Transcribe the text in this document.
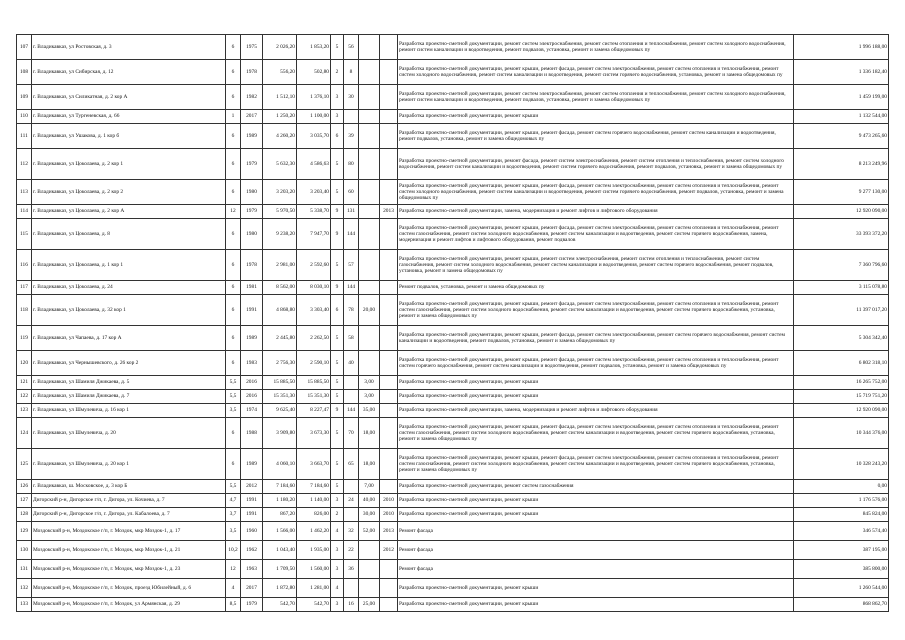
107	г. Владикавказ, ул Ростовская, д. 3	6	1975	2 026,20	1 853,20	5	56			Разработка проектно-сметной документации, ремонт систем электроснабжения, ремонт систем отопления и теплоснабжения, ремонт систем холодного водоснабжения, ремонт систем канализации и водоотведения, ремонт подвалов, установка, ремонт и замена общедомовых пу	1 996 188,00
108	г. Владикавказ, ул Сибирская, д. 12	6	1978	556,20	502,80	2	8			Разработка проектно-сметной документации, ремонт крыши, ремонт фасада, ремонт систем электроснабжения, ремонт систем отопления и теплоснабжения, ремонт систем холодного водоснабжения, ремонт систем канализации и водоотведения, ремонт систем горячего водоснабжения, установка, ремонт и замена общедомовых пу	1 336 182,40
109	г. Владикавказ, ул Силикатная, д. 2 кор А	6	1982	1 512,10	1 376,10	3	30			Разработка проектно-сметной документации, ремонт систем электроснабжения, ремонт систем отопления и теплоснабжения, ремонт систем холодного водоснабжения, ремонт систем канализации и водоотведения, ремонт подвалов, установка, ремонт и замена общедомовых пу	1 459 199,00
110	г. Владикавказ, ул Тургеневская, д. 66	1	2017	1 250,20	1 100,00	3				Разработка проектно-сметной документации, ремонт крыши	1 132 544,00
111	г. Владикавказ, ул Ушакова, д. 1 кор б	6	1989	4 260,20	3 035,70	6	39			Разработка проектно-сметной документации, ремонт крыши, ремонт фасада, ремонт систем горячего водоснабжения, ремонт систем канализации и водоотведения, ремонт подвалов, установка, ремонт и замена общедомовых пу	9 473 265,60
112	г. Владикавказ, ул Цоколаева, д. 2 кор 1	6	1979	5 632,30	4 586,63	5	80			Разработка проектно-сметной документации, ремонт фасада, ремонт систем электроснабжения, ремонт систем отопления и теплоснабжения, ремонт систем холодного водоснабжения, ремонт систем канализации и водоотведения, ремонт систем горячего водоснабжения, ремонт подвалов, установка, ремонт и замена общедомовых пу	8 213 249,96
113	г. Владикавказ, ул Цоколаева, д. 2 кор 2	6	1980	3 203,20	3 203,40	5	60			Разработка проектно-сметной документации, ремонт крыши, ремонт фасада, ремонт систем электроснабжения, ремонт систем отопления и теплоснабжения, ремонт систем холодного водоснабжения, ремонт систем канализации и водоотведения, ремонт систем горячего водоснабжения, ремонт подвалов, установка, ремонт и замена общедомовых пу	9 277 130,00
114	г. Владикавказ, ул Цоколаева, д. 2 кор А	12	1979	5 970,50	5 338,70	9	131		2013	Разработка проектно-сметной документации, замена, модернизация и ремонт лифтов и лифтового оборудования	12 920 090,00
115	г. Владикавказ, ул Цоколаева, д. 8	6	1980	9 238,20	7 947,70	9	144			Разработка проектно-сметной документации, ремонт крыши, ремонт фасада, ремонт систем электроснабжения, ремонт систем отопления и теплоснабжения, ремонт систем газоснабжения, ремонт систем холодного водоснабжения, ремонт систем канализации и водоотведения, ремонт систем горячего водоснабжения, замена, модернизация и ремонт лифтов и лифтового оборудования, ремонт подвалов	33 393 372,20
116	г. Владикавказ, ул Цоколаева, д. 1 кор 1	6	1978	2 981,00	2 592,60	5	57			Разработка проектно-сметной документации, ремонт крыши, ремонт систем электроснабжения, ремонт систем отопления и теплоснабжения, ремонт систем газоснабжения, ремонт систем холодного водоснабжения, ремонт систем канализации и водоотведения, ремонт систем горячего водоснабжения, ремонт подвалов, установка, ремонт и замена общедомовых пу	7 360 796,60
117	г. Владикавказ, ул Цоколаева, д. 24	6	1981	8 562,00	8 030,10	9	144			Ремонт подвалов, установка, ремонт и замена общедомовых пу	3 115 078,80
118	г. Владикавказ, ул Цоколаева, д. 32 кор 1	6	1991	4 868,80	3 303,40	6	78	20,00		Разработка проектно-сметной документации, ремонт крыши, ремонт фасада, ремонт систем электроснабжения, ремонт систем отопления и теплоснабжения, ремонт систем газоснабжения, ремонт систем холодного водоснабжения, ремонт систем канализации и водоотведения, ремонт систем горячего водоснабжения, установка, ремонт и замена общедомовых пу	11 397 017,20
119	г. Владикавказ, ул Чапаева, д. 17 кор А	6	1989	2 445,80	2 262,50	5	58			Разработка проектно-сметной документации, ремонт крыши, ремонт фасада, ремонт систем электроснабжения, ремонт систем горячего водоснабжения, ремонт систем канализации и водоотведения, ремонт подвалов, установка, ремонт и замена общедомовых пу	5 304 342,40
120	г. Владикавказ, ул Чернышевского, д. 26 кор 2	6	1983	2 756,30	2 590,10	5	40			Разработка проектно-сметной документации, ремонт крыши, ремонт фасада, ремонт систем электроснабжения, ремонт систем отопления и теплоснабжения, ремонт систем горячего водоснабжения, ремонт систем канализации и водоотведения, ремонт подвалов, установка, ремонт и замена общедомовых пу	6 802 318,10
121	г. Владикавказ, ул Шамиля Джикаева, д. 5	5,5	2016	15 885,50	15 885,50	5		3,00		Разработка проектно-сметной документации, ремонт крыши	16 265 752,00
122	г. Владикавказ, ул Шамиля Джикаева, д. 7	5,5	2016	15 351,30	15 351,30	5		3,00		Разработка проектно-сметной документации, ремонт крыши	15 719 751,20
123	г. Владикавказ, ул Шмулевича, д. 16 кор 1	3,5	1974	9 625,40	8 227,47	9	144	35,00		Разработка проектно-сметной документации, замена, модернизация и ремонт лифтов и лифтового оборудования	12 920 090,00
124	г. Владикавказ, ул Шмулевича, д. 20	6	1988	3 909,80	3 673,30	5	70	18,00		Разработка проектно-сметной документации, ремонт крыши, ремонт фасада, ремонт систем электроснабжения, ремонт систем отопления и теплоснабжения, ремонт систем газоснабжения, ремонт систем холодного водоснабжения, ремонт систем канализации и водоотведения, ремонт систем горячего водоснабжения, установка, ремонт и замена общедомовых пу	10 344 376,00
125	г. Владикавказ, ул Шмулевича, д. 20 кор 1	6	1989	4 060,10	3 663,70	5	65	18,00		Разработка проектно-сметной документации, ремонт крыши, ремонт фасада, ремонт систем электроснабжения, ремонт систем отопления и теплоснабжения, ремонт систем газоснабжения, ремонт систем холодного водоснабжения, ремонт систем канализации и водоотведения, ремонт систем горячего водоснабжения, установка, ремонт и замена общедомовых пу	10 328 243,20
126	г. Владикавказ, ш. Московское, д. 3 кор Б	5,5	2012	7 184,60	7 184,60	5		7,00		Разработка проектно-сметной документации, ремонт систем газоснабжения	0,00
127	Дигорский р-н, Дигорское г/п, г. Дигора, ул. Кочиева, д. 7	4,7	1991	1 180,20	1 140,00	3	24	40,00	2010	Разработка проектно-сметной документации, ремонт крыши	1 176 576,00
128	Дигорский р-н, Дигорское г/п, г. Дигора, ул. Кабалоева, д. 7	3,7	1991	867,20	826,00	2		30,00	2010	Разработка проектно-сметной документации, ремонт крыши	845 824,00
129	Моздокский р-н, Моздокское г/п, г. Моздок, мкр Моздок-1, д. 17	3,5	1960	1 566,00	1 462,20	4	32	52,00	2013	Ремонт фасада	346 574,40
130	Моздокский р-н, Моздокское г/п, г. Моздок, мкр Моздок-1, д. 21	10,2	1962	1 043,40	1 935,00	3	22		2012	Ремонт фасада	387 195,00
131	Моздокский р-н, Моздокское г/п, г. Моздок, мкр Моздок-1, д. 23	12	1963	1 709,50	1 560,00	3	36			Ремонт фасада	385 800,00
132	Моздокский р-н, Моздокское г/п, г. Моздок, проезд Юбилейный, д. 6	4	2017	1 872,80	1 281,00	4				Разработка проектно-сметной документации, ремонт крыши	1 260 544,00
133	Моздокский р-н, Моздокское г/п, г. Моздок, ул Армянская, д. 29	8,5	1979	542,70	542,70	3	16	25,00		Разработка проектно-сметной документации, ремонт крыши	868 862,70
